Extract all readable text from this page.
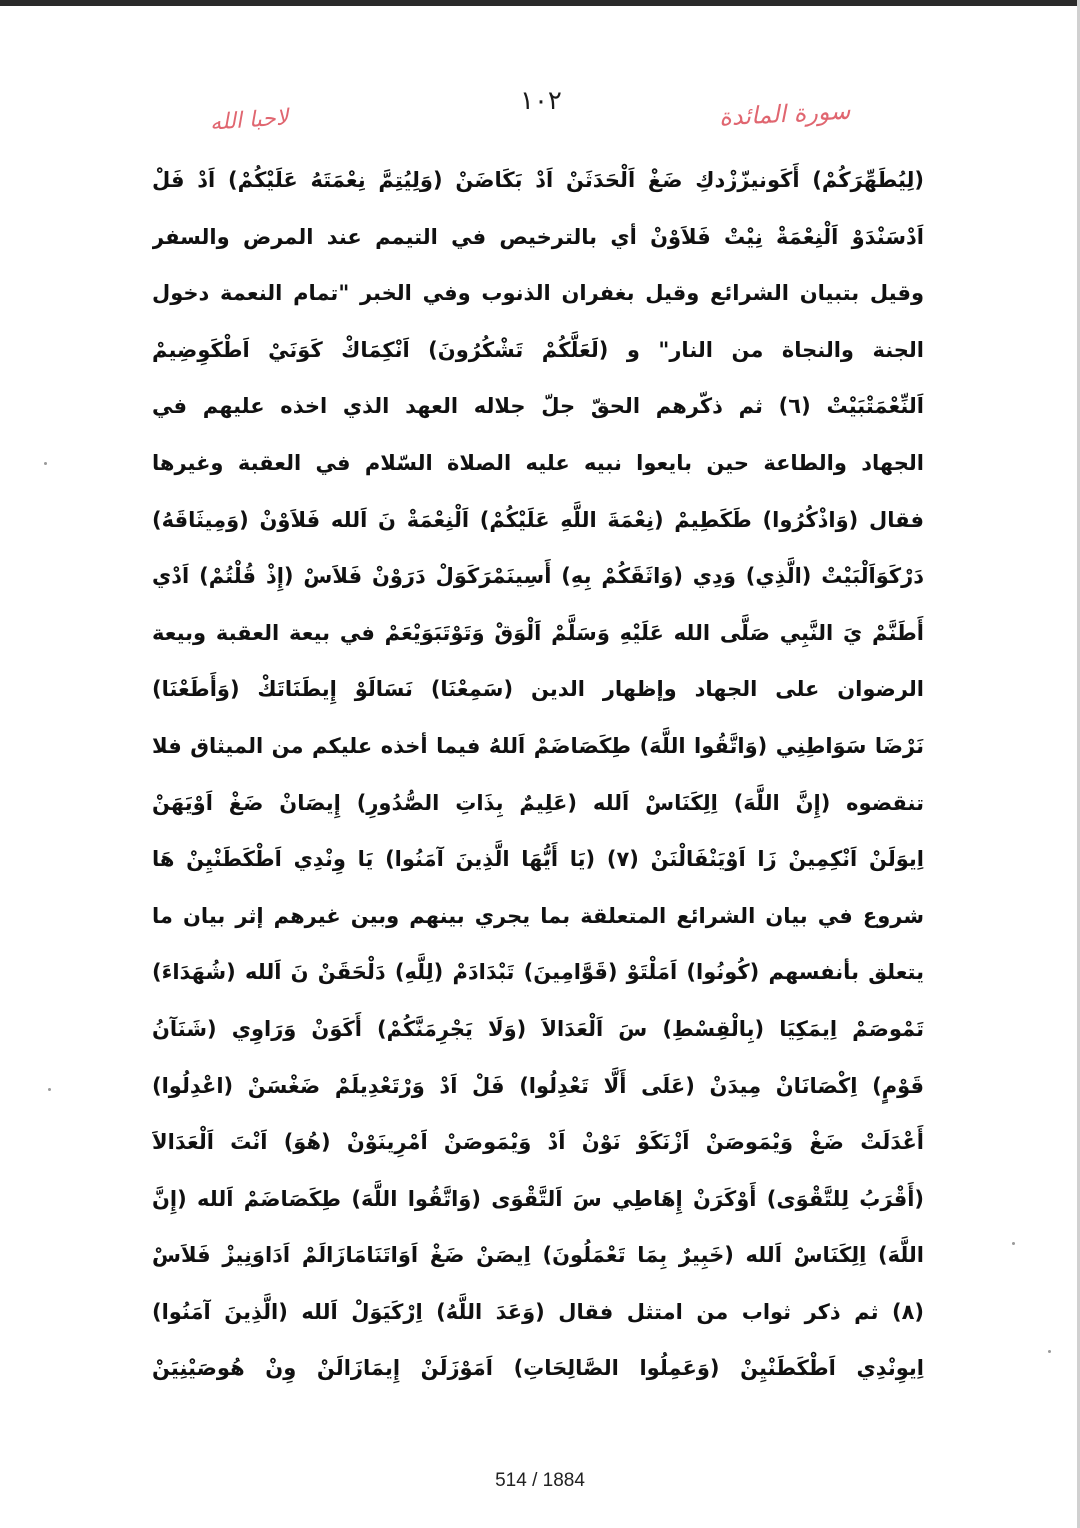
لاحبا الله
١٠٢	سورة المائدة
(لِيُطَهِّرَكُمْ) أَكَونيزّزْدكِ ضَغْ اَلْحَدَثَنْ اَدْ بَكَاضَنْ (وَلِيُتِمَّ نِعْمَتَهُ عَلَيْكُمْ) اَدْ فَلْ
اَدْسَنْدَوْ اَلْنِعْمَةْ نِيْتْ فَلاَوْنْ أي بالترخيص في التيمم عند المرض والسفر
وقيل بتبيان الشرائع وقيل بغفران الذنوب وفي الخبر "تمام النعمة دخول
الجنة والنجاة من النار" و (لَعَلَّكُمْ تَشْكُرُونَ) اَنْكِمَاكْ كَوَنَيْ اَطْكَوِضِيمْ
اَلنِّعْمَتْبَيْتْ (٦) ثم ذكّرهم الحقّ جلّ جلاله العهد الذي اخذه عليهم في
الجهاد والطاعة حين بايعوا نبيه عليه الصلاة السّلام في العقبة وغيرها
فقال (وَاذْكُرُوا) طَكَطِيمْ (نِعْمَةَ اللَّهِ عَلَيْكُمْ) اَلْنِعْمَةْ نَ اَلله فَلاَوْنْ (وَمِيثَاقَهُ)
دَرْكَوَاَلْبَيْتْ (الَّذِي) وَدِي (وَاثَقَكُمْ بِهِ) أَسِينَمْرَكَوَلْ دَرَوْنْ فَلاَسْ (إِذْ قُلْتُمْ) اَدْي
أَطَنَّمْ يَ النَّبِي صَلَّى الله عَلَيْهِ وَسَلَّمْ اَلْوَقْ وَتَوْتَبَوَيْعَمْ في بيعة العقبة وبيعة
الرضوان على الجهاد وإظهار الدين (سَمِعْنَا) نَسَالَوْ إِيطَنَاتَكْ (وَأَطَعْنَا)
نَرْضَا سَوَاطِنِي (وَاتَّقُوا اللَّهَ) طِكَصَاضَمْ اَللهُ فيما أخذه عليكم من الميثاق فلا
تنقضوه (إِنَّ اللَّهَ) اِلِكَنَاسْ اَلله (عَلِيمٌ بِذَاتِ الصُّدُورِ) إِيصَانْ ضَغْ اَوْيَهَنْ
اِيوَلَنْ اَنْكِمِينْ زَا اَوْيَنْفَالْنَنْ (٧) (يَا أَيُّهَا الَّذِينَ آمَنُوا) يَا وِنْدِي اَطْكَطَنْيِنْ هَا
شروع في بيان الشرائع المتعلقة بما يجري بينهم وبين غيرهم إثر بيان ما
يتعلق بأنفسهم (كُونُوا) اَمَلْتَوْ (قَوَّامِينَ) تَبْدَادَمْ (لِلَّهِ) دَلْحَقَنْ نَ اَلله (شُهَدَاءَ)
تَمْوصَمْ اِيمَكِيَا (بِالْقِسْطِ) سَ اَلْعَدَالاَ (وَلَا يَجْرِمَنَّكُمْ) أَكَوَنْ وَرَاوِي (شَنَآنُ
قَوْمٍ) اِكْصَانَانْ مِيدَنْ (عَلَى أَلَّا تَعْدِلُوا) فَلْ اَدْ وَرْتَعْدِيلَمْ ضَغْسَنْ (اعْدِلُوا)
أَعْدَلَتْ ضَغْ وَيْمَوصَنْ اَزْنَكَوْ نَوْنْ اَدْ وَيْمَوصَنْ اَمْرِينَوْنْ (هُوَ) اَنْتَ اَلْعَدَالاَ
(أَقْرَبُ لِلتَّقْوَى) أَوْكَرَنْ إِهَاطِي سَ اَلتَّقْوَى (وَاتَّقُوا اللَّهَ) طِكَصَاضَمْ اَلله (إِنَّ
اللَّهَ) اِلِكَنَاسْ اَلله (خَبِيرٌ بِمَا تَعْمَلُونَ) اِيصَنْ ضَغْ اَوَاتَنَامَازَالَمْ اَدَاوَنِيزْ فَلاَسْ
(٨) ثم ذكر ثواب من امتثل فقال (وَعَدَ اللَّهُ) اِرْكَيَوَلْ اَلله (الَّذِينَ آمَنُوا)
اِيوِنْدِي اَطْكَطَنْيِنْ (وَعَمِلُوا الصَّالِحَاتِ) اَمَوْزَلَنْ إِيمَازَالَنْ وِنْ هُوصَيْنِيَنْ
514 / 1884
